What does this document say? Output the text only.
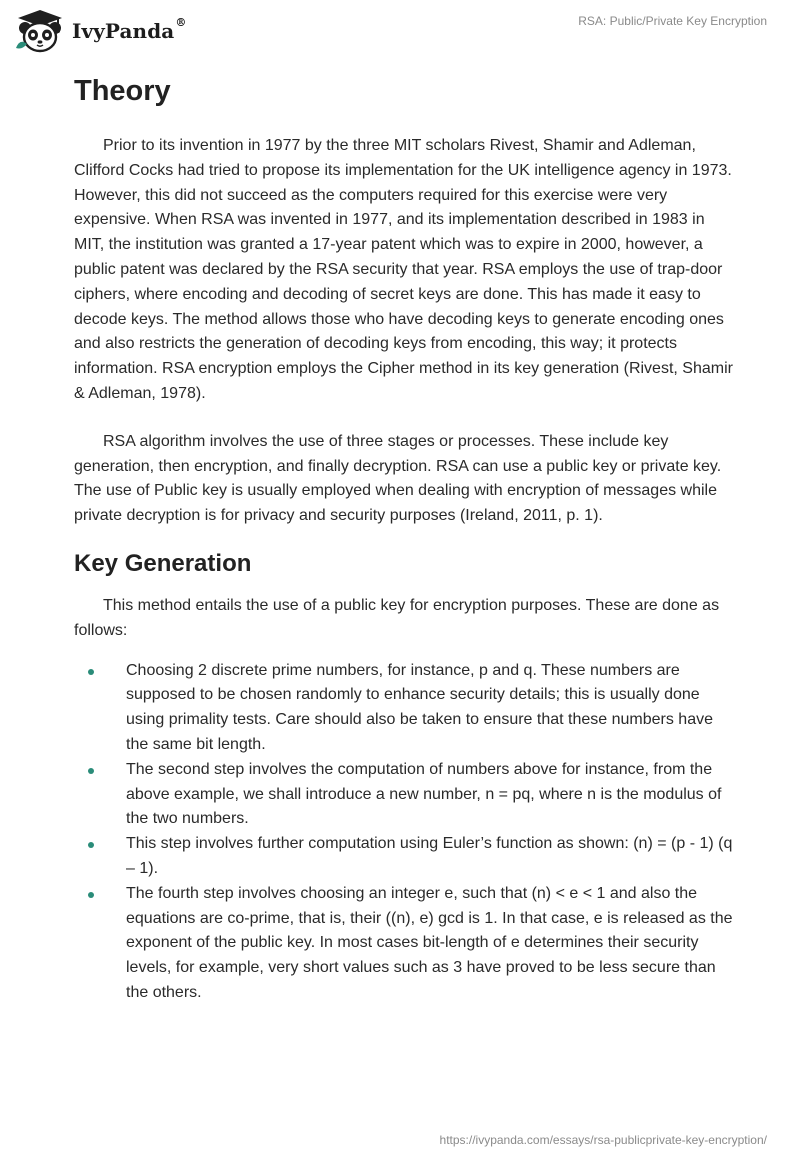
IvyPanda®	RSA: Public/Private Key Encryption
Theory

Prior to its invention in 1977 by the three MIT scholars Rivest, Shamir and Adleman, Clifford Cocks had tried to propose its implementation for the UK intelligence agency in 1973. However, this did not succeed as the computers required for this exercise were very expensive. When RSA was invented in 1977, and its implementation described in 1983 in MIT, the institution was granted a 17-year patent which was to expire in 2000, however, a public patent was declared by the RSA security that year. RSA employs the use of trap-door ciphers, where encoding and decoding of secret keys are done. This has made it easy to decode keys. The method allows those who have decoding keys to generate encoding ones and also restricts the generation of decoding keys from encoding, this way; it protects information. RSA encryption employs the Cipher method in its key generation (Rivest, Shamir & Adleman, 1978).

RSA algorithm involves the use of three stages or processes. These include key generation, then encryption, and finally decryption. RSA can use a public key or private key. The use of Public key is usually employed when dealing with encryption of messages while private decryption is for privacy and security purposes (Ireland, 2011, p. 1).

Key Generation

This method entails the use of a public key for encryption purposes. These are done as follows:

Choosing 2 discrete prime numbers, for instance, p and q. These numbers are supposed to be chosen randomly to enhance security details; this is usually done using primality tests. Care should also be taken to ensure that these numbers have the same bit length.
The second step involves the computation of numbers above for instance, from the above example, we shall introduce a new number, n = pq, where n is the modulus of the two numbers.
This step involves further computation using Euler’s function as shown: (n) = (p - 1) (q – 1).
The fourth step involves choosing an integer e, such that (n) < e < 1 and also the equations are co-prime, that is, their ((n), e) gcd is 1. In that case, e is released as the exponent of the public key. In most cases bit-length of e determines their security levels, for example, very short values such as 3 have proved to be less secure than the others.
https://ivypanda.com/essays/rsa-publicprivate-key-encryption/
